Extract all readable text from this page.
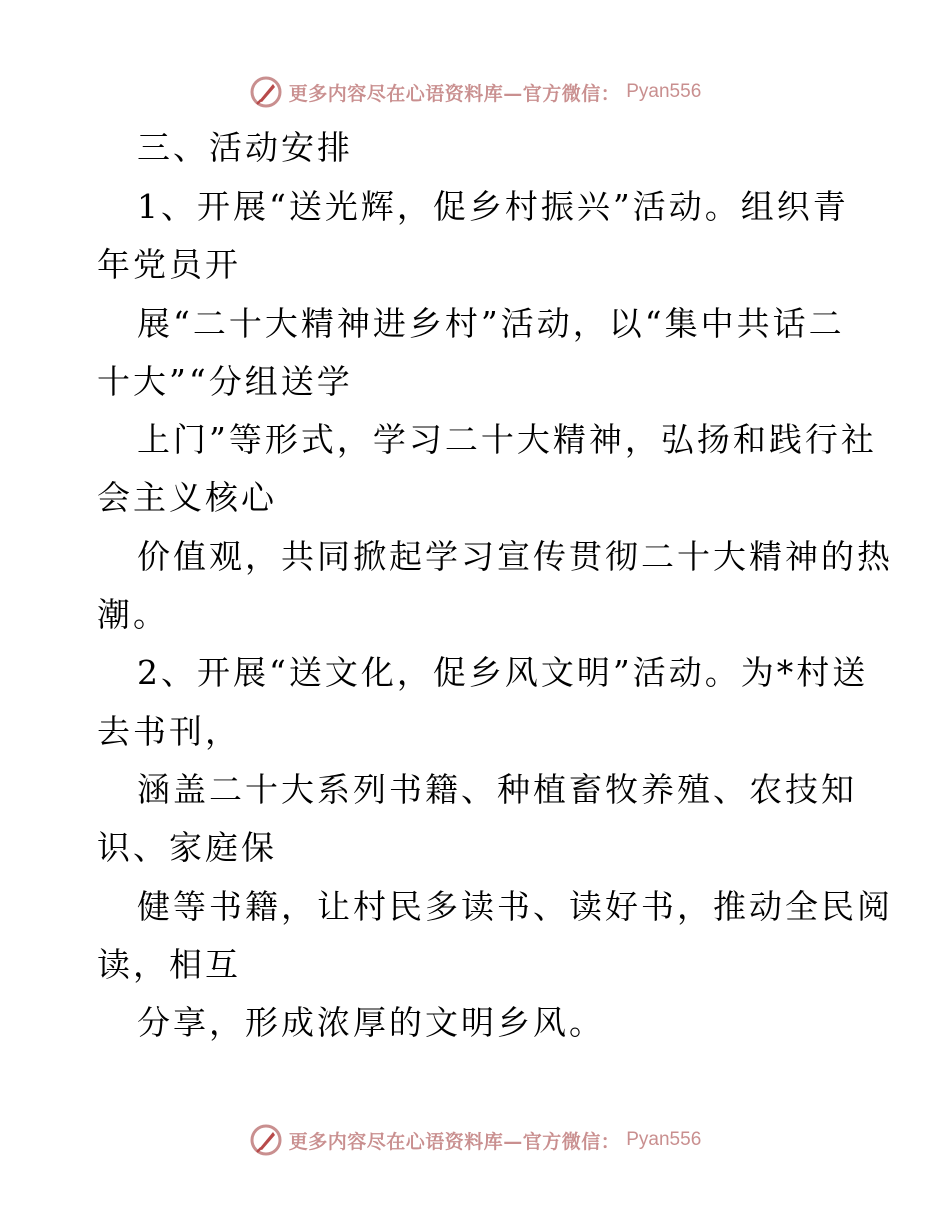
更多内容尽在心语资料库—官方微信： Pyan556
三、活动安排
1、开展“送光辉，促乡村振兴”活动。组织青
年党员开
展“二十大精神进乡村”活动，以“集中共话二
十大”“分组送学
上门”等形式，学习二十大精神，弘扬和践行社
会主义核心
价值观，共同掀起学习宣传贯彻二十大精神的热
潮。
2、开展“送文化，促乡风文明”活动。为*村送
去书刊，
涵盖二十大系列书籍、种植畜牧养殖、农技知
识、家庭保
健等书籍，让村民多读书、读好书，推动全民阅
读，相互
分享，形成浓厚的文明乡风。
更多内容尽在心语资料库—官方微信： Pyan556
